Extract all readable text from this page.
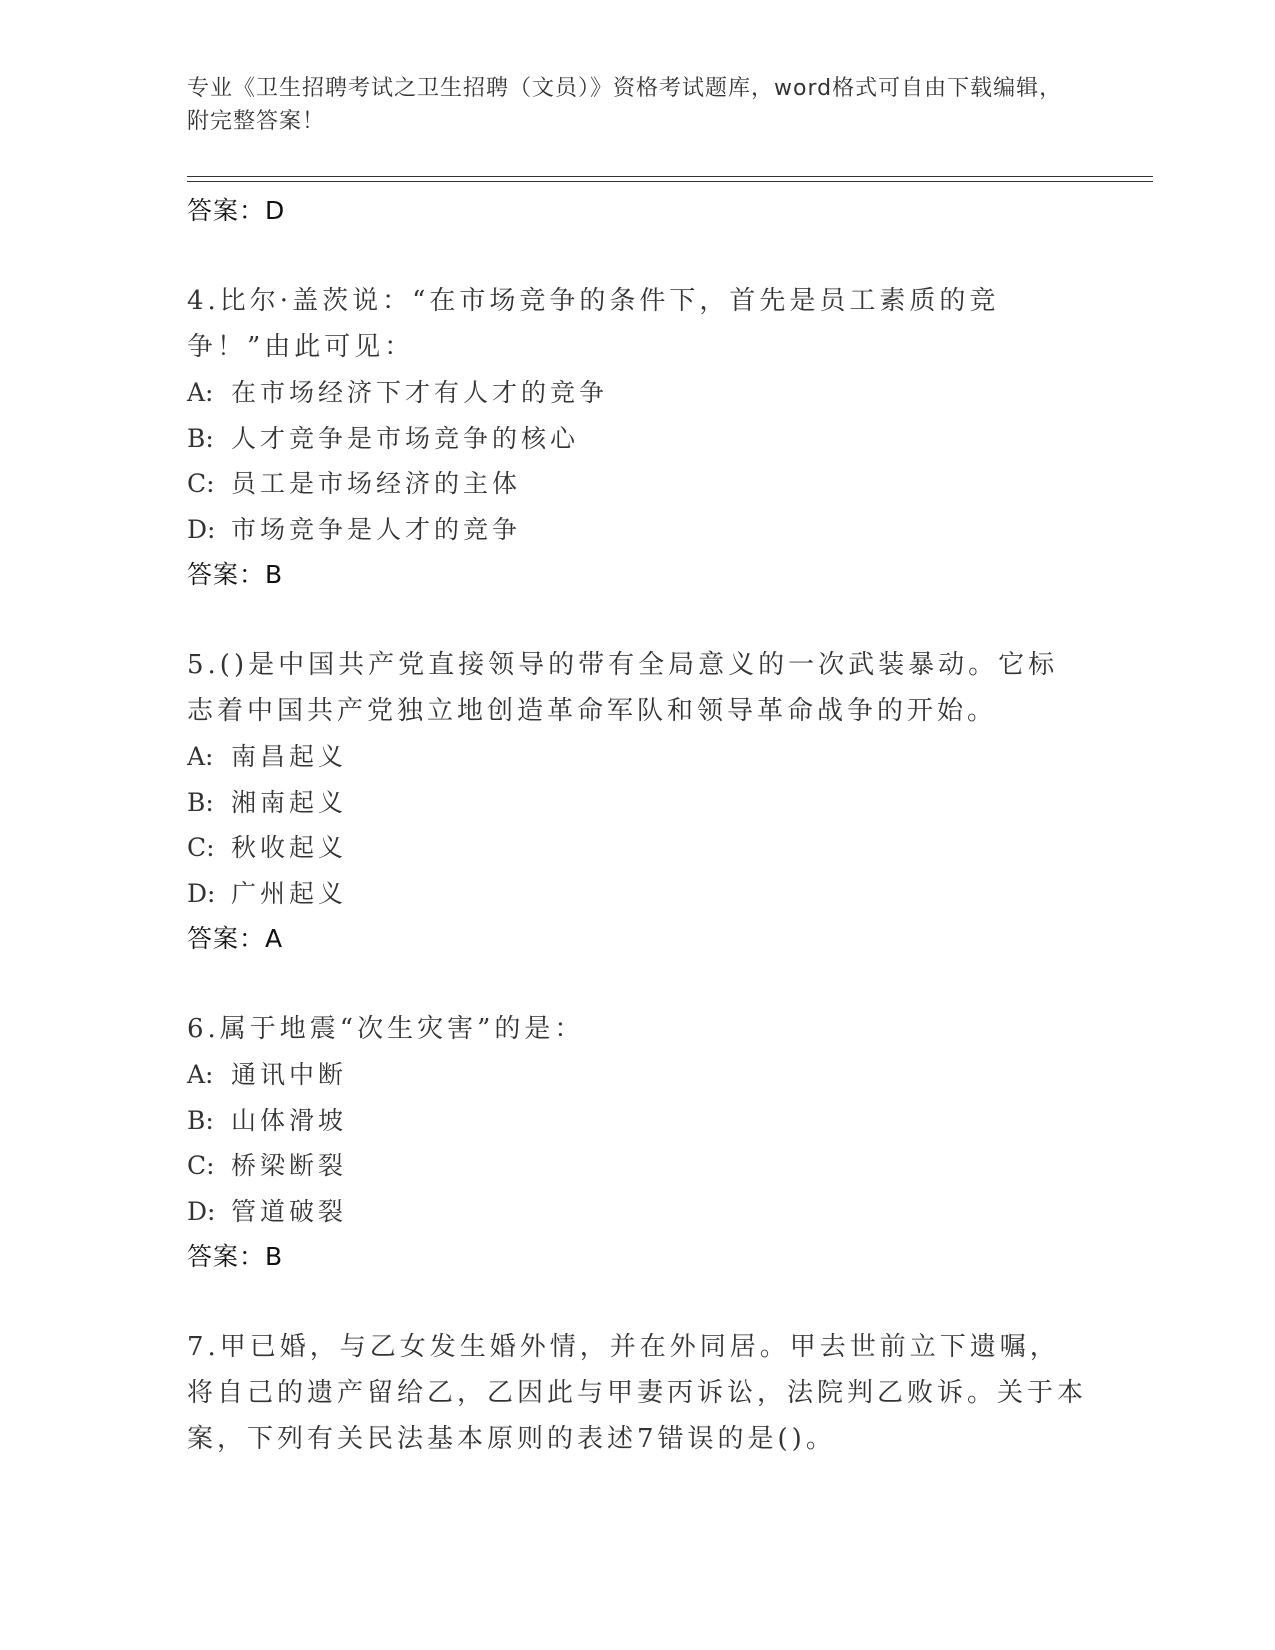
专业《卫生招聘考试之卫生招聘（文员）》资格考试题库，word格式可自由下载编辑，附完整答案！

答案：D

4.比尔·盖茨说：“在市场竞争的条件下，首先是员工素质的竞争！”由此可见：

A: 在市场经济下才有人才的竞争

B: 人才竞争是市场竞争的核心

C: 员工是市场经济的主体

D: 市场竞争是人才的竞争

答案：B

5.()是中国共产党直接领导的带有全局意义的一次武装暴动。它标志着中国共产党独立地创造革命军队和领导革命战争的开始。

A: 南昌起义

B: 湘南起义

C: 秋收起义

D: 广州起义

答案：A

6.属于地震“次生灾害”的是：

A: 通讯中断

B: 山体滑坡

C: 桥梁断裂

D: 管道破裂

答案：B

7.甲已婚，与乙女发生婚外情，并在外同居。甲去世前立下遗嘱，将自己的遗产留给乙，乙因此与甲妻丙诉讼，法院判乙败诉。关于本案，下列有关民法基本原则的表述7错误的是()。
